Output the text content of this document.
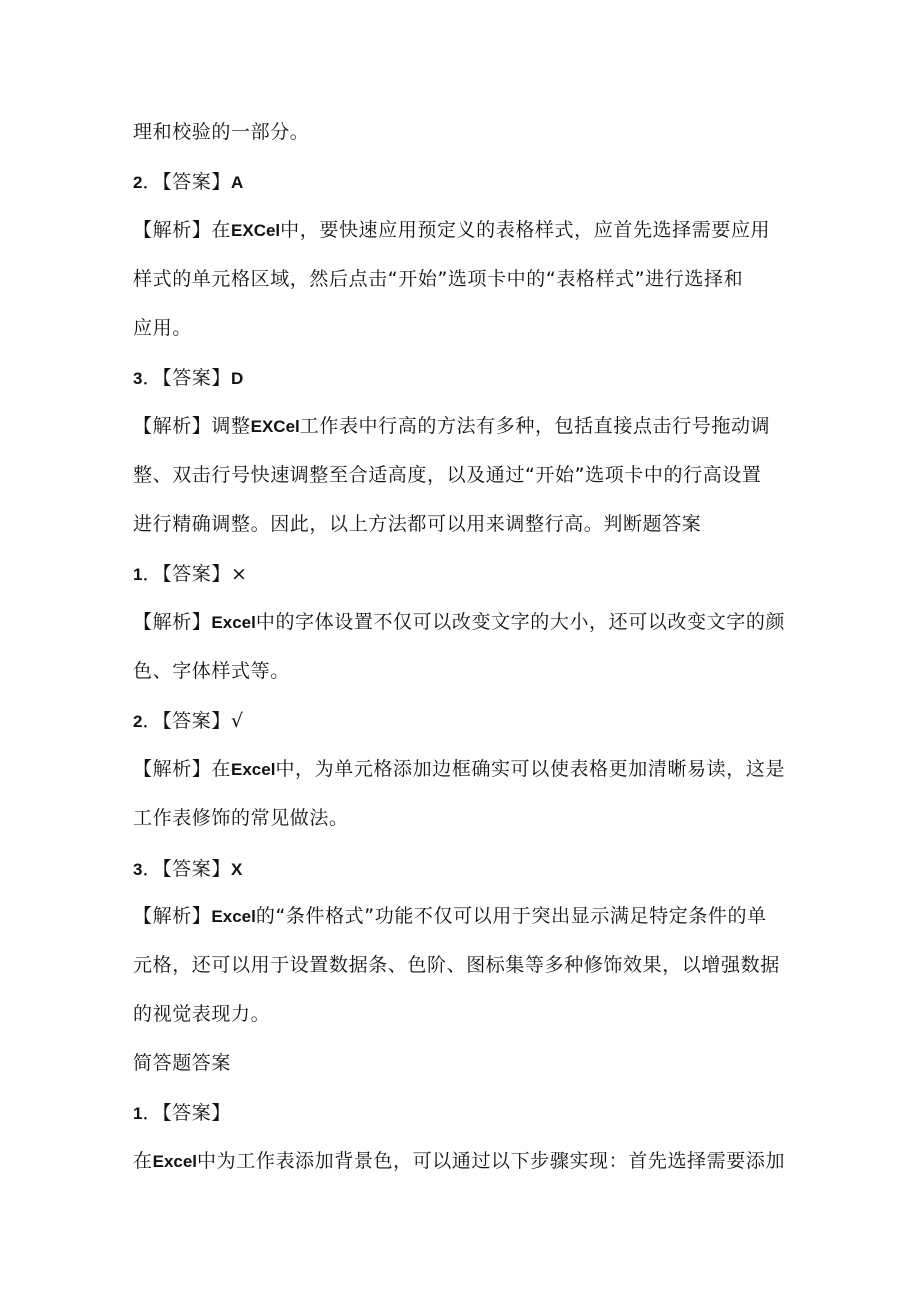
理和校验的一部分。
2．【答案】A
【解析】在EXCel中，要快速应用预定义的表格样式，应首先选择需要应用
样式的单元格区域，然后点击“开始”选项卡中的“表格样式”进行选择和
应用。
3．【答案】D
【解析】调整EXCel工作表中行高的方法有多种，包括直接点击行号拖动调
整、双击行号快速调整至合适高度，以及通过“开始”选项卡中的行高设置
进行精确调整。因此，以上方法都可以用来调整行高。判断题答案
1．【答案】×
【解析】Excel中的字体设置不仅可以改变文字的大小，还可以改变文字的颜
色、字体样式等。
2．【答案】√
【解析】在Excel中，为单元格添加边框确实可以使表格更加清晰易读，这是
工作表修饰的常见做法。
3．【答案】X
【解析】Excel的“条件格式”功能不仅可以用于突出显示满足特定条件的单
元格，还可以用于设置数据条、色阶、图标集等多种修饰效果，以增强数据
的视觉表现力。
简答题答案
1．【答案】
在Excel中为工作表添加背景色，可以通过以下步骤实现：首先选择需要添加
